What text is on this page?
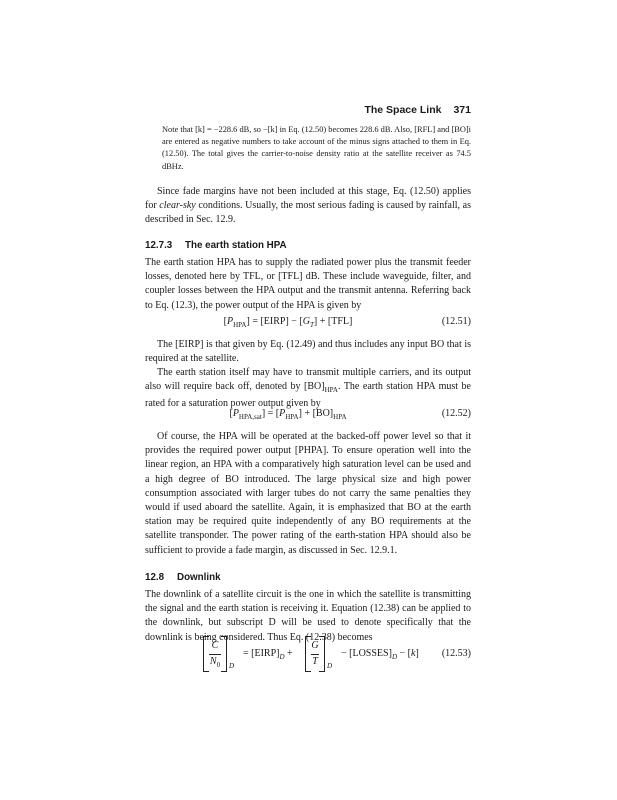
The Space Link 371

Note that [k] = −228.6 dB, so −[k] in Eq. (12.50) becomes 228.6 dB. Also, [RFL] and [BO]i are entered as negative numbers to take account of the minus signs attached to them in Eq. (12.50). The total gives the carrier-to-noise density ratio at the satellite receiver as 74.5 dBHz.

Since fade margins have not been included at this stage, Eq. (12.50) applies for clear-sky conditions. Usually, the most serious fading is caused by rainfall, as described in Sec. 12.9.

12.7.3 The earth station HPA

The earth station HPA has to supply the radiated power plus the transmit feeder losses, denoted here by TFL, or [TFL] dB. These include waveguide, filter, and coupler losses between the HPA output and the transmit antenna. Referring back to Eq. (12.3), the power output of the HPA is given by

$[P_{HPA}]$ = [EIRP] − $[G_T] + [TFL]$	(12.51)

The [EIRP] is that given by Eq. (12.49) and thus includes any input BO that is required at the satellite.

The earth station itself may have to transmit multiple carriers, and its output also will require back off, denoted by $[BO]_{HPA}$. The earth station HPA must be rated for a saturation power output given by

$[P_{HPA,sat}] = [P_{HPA}] + [BO]_{HPA}$	(12.52)

Of course, the HPA will be operated at the backed-off power level so that it provides the required power output [PHPA]. To ensure operation well into the linear region, an HPA with a comparatively high saturation level can be used and a high degree of BO introduced. The large physical size and high power consumption associated with larger tubes do not carry the same penalties they would if used aboard the satellite. Again, it is emphasized that BO at the earth station may be required quite independently of any BO requirements at the satellite transponder. The power rating of the earth-station HPA should also be sufficient to provide a fade margin, as discussed in Sec. 12.9.1.

12.8 Downlink

The downlink of a satellite circuit is the one in which the satellite is transmitting the signal and the earth station is receiving it. Equation (12.38) can be applied to the downlink, but subscript D will be used to denote specifically that the downlink is being considered. Thus Eq. (12.38) becomes

C
$N_0$	D
= $[EIRP]_D$ +
G
T	D
− $[LOSSES]_D - [k]$ (12.53)
